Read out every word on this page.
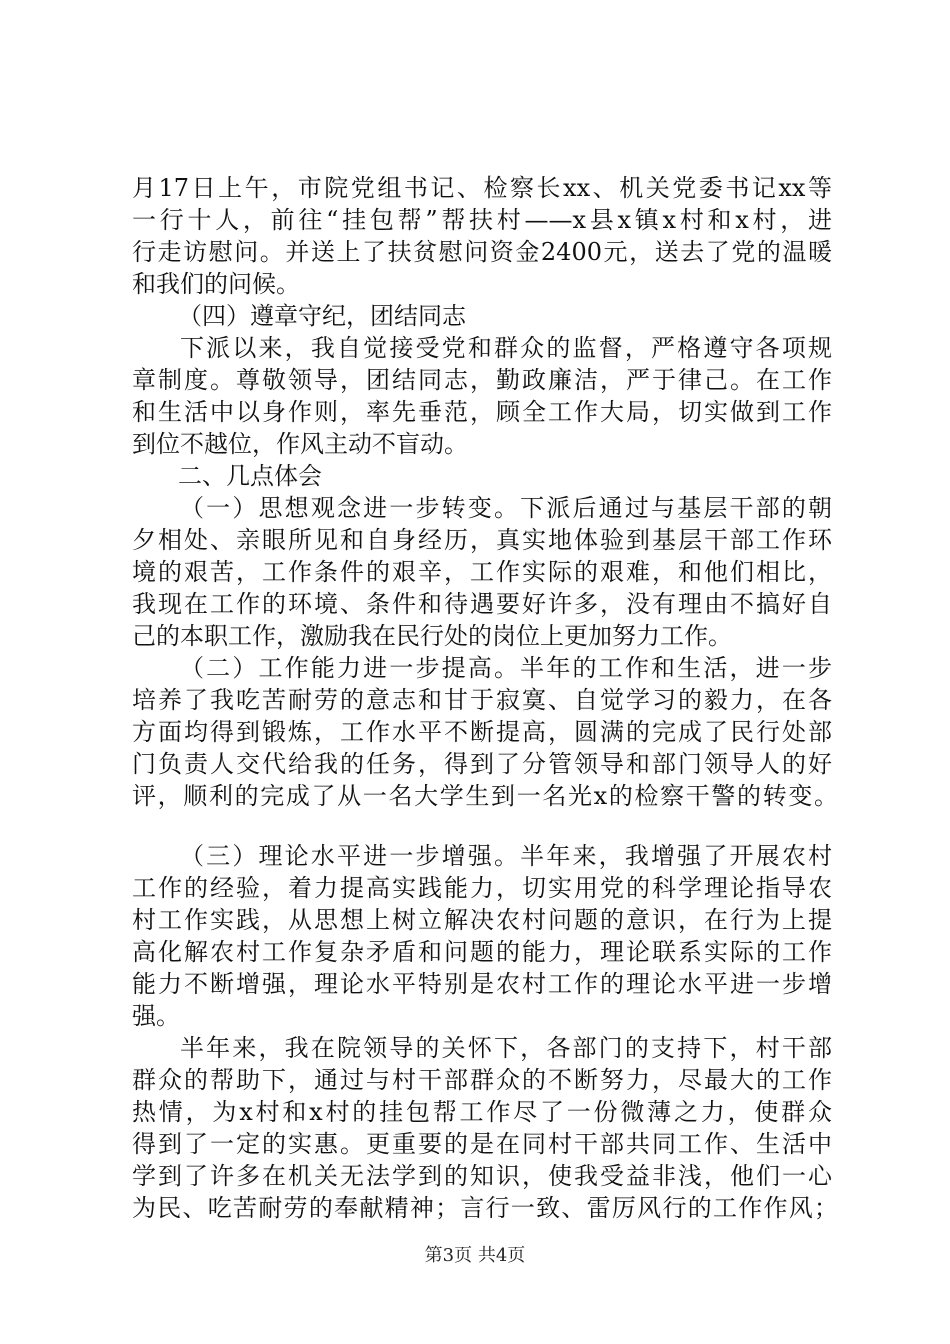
月17日上午，市院党组书记、检察长xx、机关党委书记xx等
一行十人，前往“挂包帮”帮扶村——x县x镇x村和x村，进
行走访慰问。并送上了扶贫慰问资金2400元，送去了党的温暖
和我们的问候。
（四）遵章守纪，团结同志
下派以来，我自觉接受党和群众的监督，严格遵守各项规
章制度。尊敬领导，团结同志，勤政廉洁，严于律己。在工作
和生活中以身作则，率先垂范，顾全工作大局，切实做到工作
到位不越位，作风主动不盲动。
二、几点体会
（一）思想观念进一步转变。下派后通过与基层干部的朝
夕相处、亲眼所见和自身经历，真实地体验到基层干部工作环
境的艰苦，工作条件的艰辛，工作实际的艰难，和他们相比，
我现在工作的环境、条件和待遇要好许多，没有理由不搞好自
己的本职工作，激励我在民行处的岗位上更加努力工作。
（二）工作能力进一步提高。半年的工作和生活，进一步
培养了我吃苦耐劳的意志和甘于寂寞、自觉学习的毅力，在各
方面均得到锻炼，工作水平不断提高，圆满的完成了民行处部
门负责人交代给我的任务，得到了分管领导和部门领导人的好
评，顺利的完成了从一名大学生到一名光x的检察干警的转变。
（三）理论水平进一步增强。半年来，我增强了开展农村
工作的经验，着力提高实践能力，切实用党的科学理论指导农
村工作实践，从思想上树立解决农村问题的意识，在行为上提
高化解农村工作复杂矛盾和问题的能力，理论联系实际的工作
能力不断增强，理论水平特别是农村工作的理论水平进一步增
强。
半年来，我在院领导的关怀下，各部门的支持下，村干部
群众的帮助下，通过与村干部群众的不断努力，尽最大的工作
热情，为x村和x村的挂包帮工作尽了一份微薄之力，使群众
得到了一定的实惠。更重要的是在同村干部共同工作、生活中
学到了许多在机关无法学到的知识，使我受益非浅，他们一心
为民、吃苦耐劳的奉献精神；言行一致、雷厉风行的工作作风；
第3页 共4页
